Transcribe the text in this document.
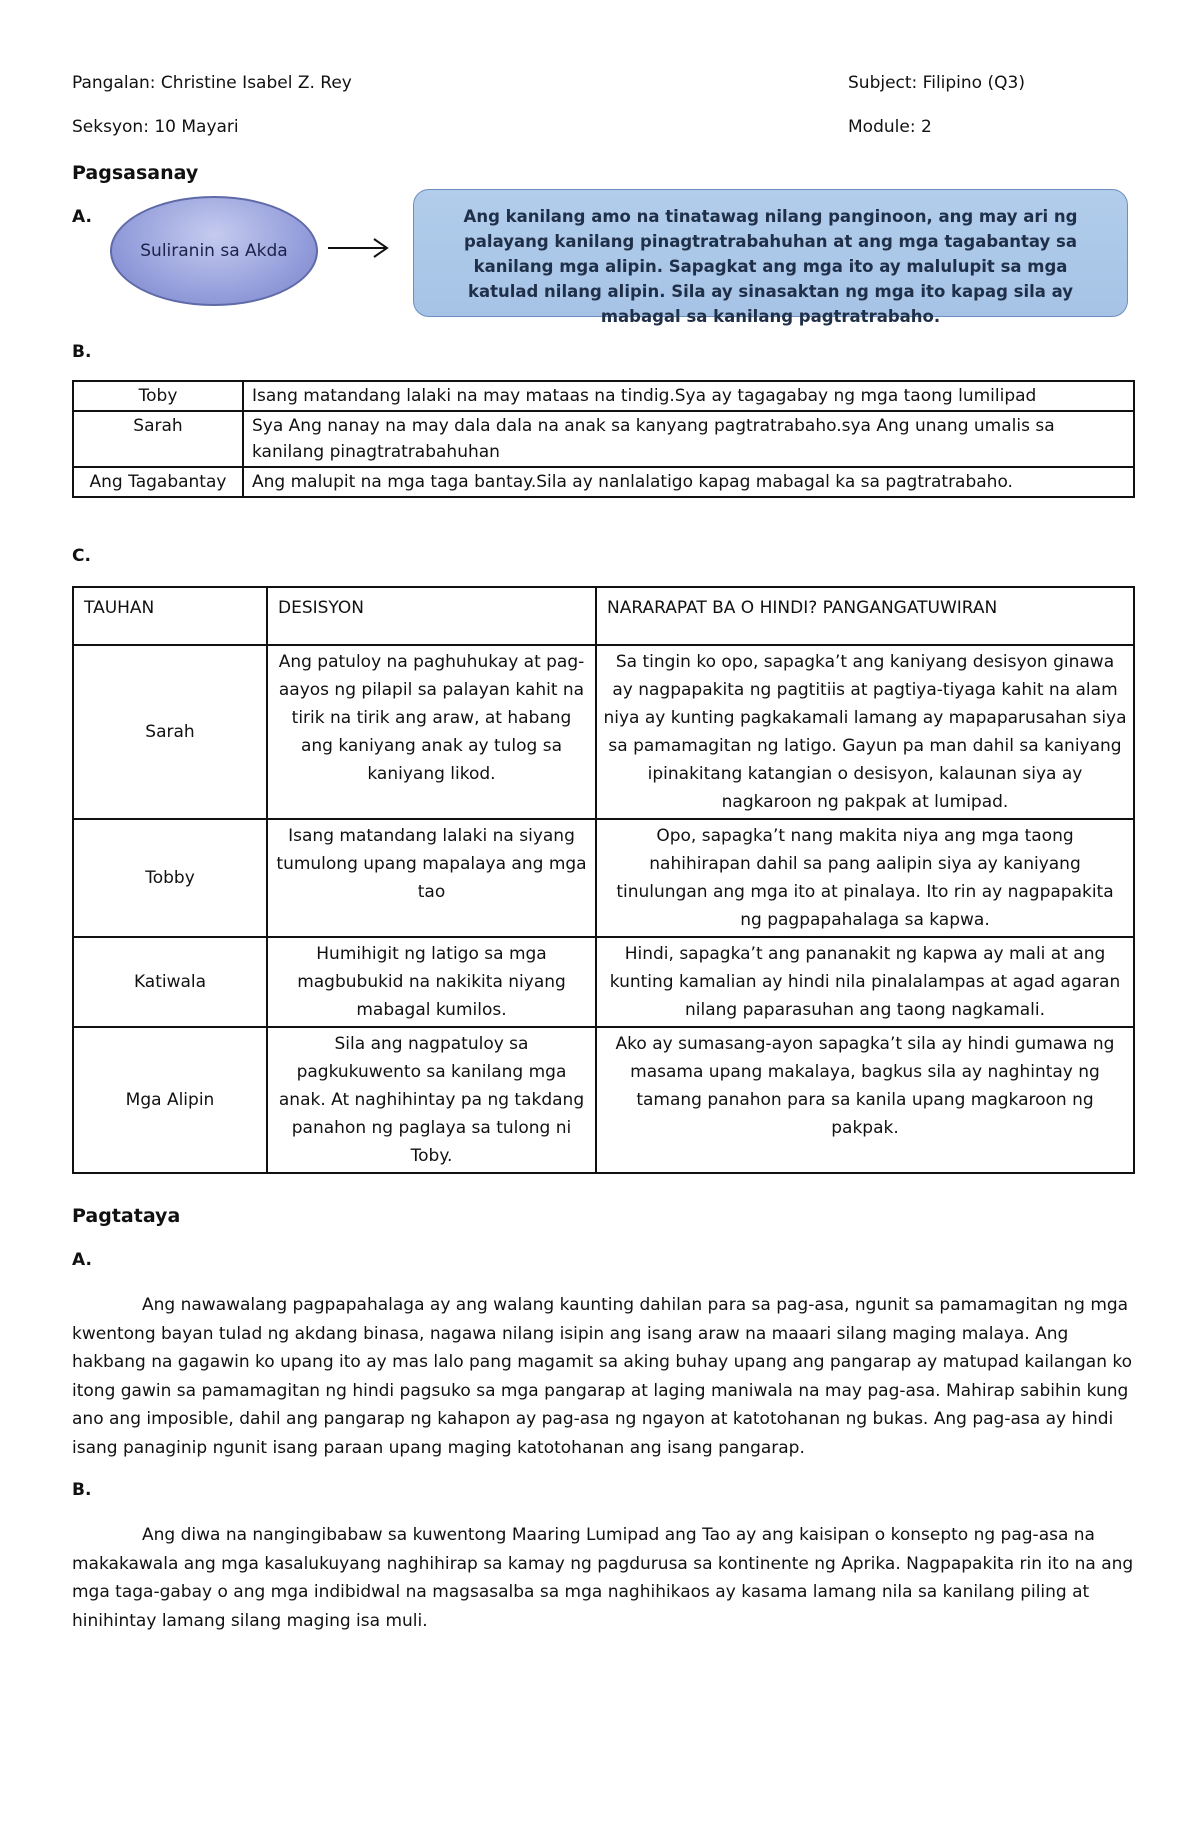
Pangalan: Christine Isabel Z. Rey	Subject: Filipino (Q3)
Seksyon: 10 Mayari	Module: 2
Pagsasanay
A.
Suliranin sa Akda
Ang kanilang amo na tinatawag nilang panginoon, ang may ari ng palayang kanilang pinagtratrabahuhan at ang mga tagabantay sa kanilang mga alipin. Sapagkat ang mga ito ay malulupit sa mga katulad nilang alipin. Sila ay sinasaktan ng mga ito kapag sila ay mabagal sa kanilang pagtratrabaho.
B.
Toby	Isang matandang lalaki na may mataas na tindig.Sya ay tagagabay ng mga taong lumilipad
Sarah	Sya Ang nanay na may dala dala na anak sa kanyang pagtratrabaho.sya Ang unang umalis sa kanilang pinagtratrabahuhan
Ang Tagabantay	Ang malupit na mga taga bantay.Sila ay nanlalatigo kapag mabagal ka sa pagtratrabaho.
C.
TAUHAN	DESISYON	NARARAPAT BA O HINDI? PANGANGATUWIRAN
Sarah	Ang patuloy na paghuhukay at pag-aayos ng pilapil sa palayan kahit na tirik na tirik ang araw, at habang ang kaniyang anak ay tulog sa kaniyang likod.	Sa tingin ko opo, sapagka’t ang kaniyang desisyon ginawa ay nagpapakita ng pagtitiis at pagtiya-tiyaga kahit na alam niya ay kunting pagkakamali lamang ay mapaparusahan siya sa pamamagitan ng latigo. Gayun pa man dahil sa kaniyang ipinakitang katangian o desisyon, kalaunan siya ay nagkaroon ng pakpak at lumipad.
Tobby	Isang matandang lalaki na siyang tumulong upang mapalaya ang mga tao	Opo, sapagka’t nang makita niya ang mga taong nahihirapan dahil sa pang aalipin siya ay kaniyang tinulungan ang mga ito at pinalaya. Ito rin ay nagpapakita ng pagpapahalaga sa kapwa.
Katiwala	Humihigit ng latigo sa mga magbubukid na nakikita niyang mabagal kumilos.	Hindi, sapagka’t ang pananakit ng kapwa ay mali at ang kunting kamalian ay hindi nila pinalalampas at agad agaran nilang paparasuhan ang taong nagkamali.
Mga Alipin	Sila ang nagpatuloy sa pagkukuwento sa kanilang mga anak. At naghihintay pa ng takdang panahon ng paglaya sa tulong ni Toby.	Ako ay sumasang-ayon sapagka’t sila ay hindi gumawa ng masama upang makalaya, bagkus sila ay naghintay ng tamang panahon para sa kanila upang magkaroon ng pakpak.
Pagtataya
A.
Ang nawawalang pagpapahalaga ay ang walang kaunting dahilan para sa pag-asa, ngunit sa pamamagitan ng mga kwentong bayan tulad ng akdang binasa, nagawa nilang isipin ang isang araw na maaari silang maging malaya. Ang hakbang na gagawin ko upang ito ay mas lalo pang magamit sa aking buhay upang ang pangarap ay matupad kailangan ko itong gawin sa pamamagitan ng hindi pagsuko sa mga pangarap at laging maniwala na may pag-asa. Mahirap sabihin kung ano ang imposible, dahil ang pangarap ng kahapon ay pag-asa ng ngayon at katotohanan ng bukas. Ang pag-asa ay hindi isang panaginip ngunit isang paraan upang maging katotohanan ang isang pangarap.
B.
Ang diwa na nangingibabaw sa kuwentong Maaring Lumipad ang Tao ay ang kaisipan o konsepto ng pag-asa na makakawala ang mga kasalukuyang naghihirap sa kamay ng pagdurusa sa kontinente ng Aprika. Nagpapakita rin ito na ang mga taga-gabay o ang mga indibidwal na magsasalba sa mga naghihikaos ay kasama lamang nila sa kanilang piling at hinihintay lamang silang maging isa muli.
